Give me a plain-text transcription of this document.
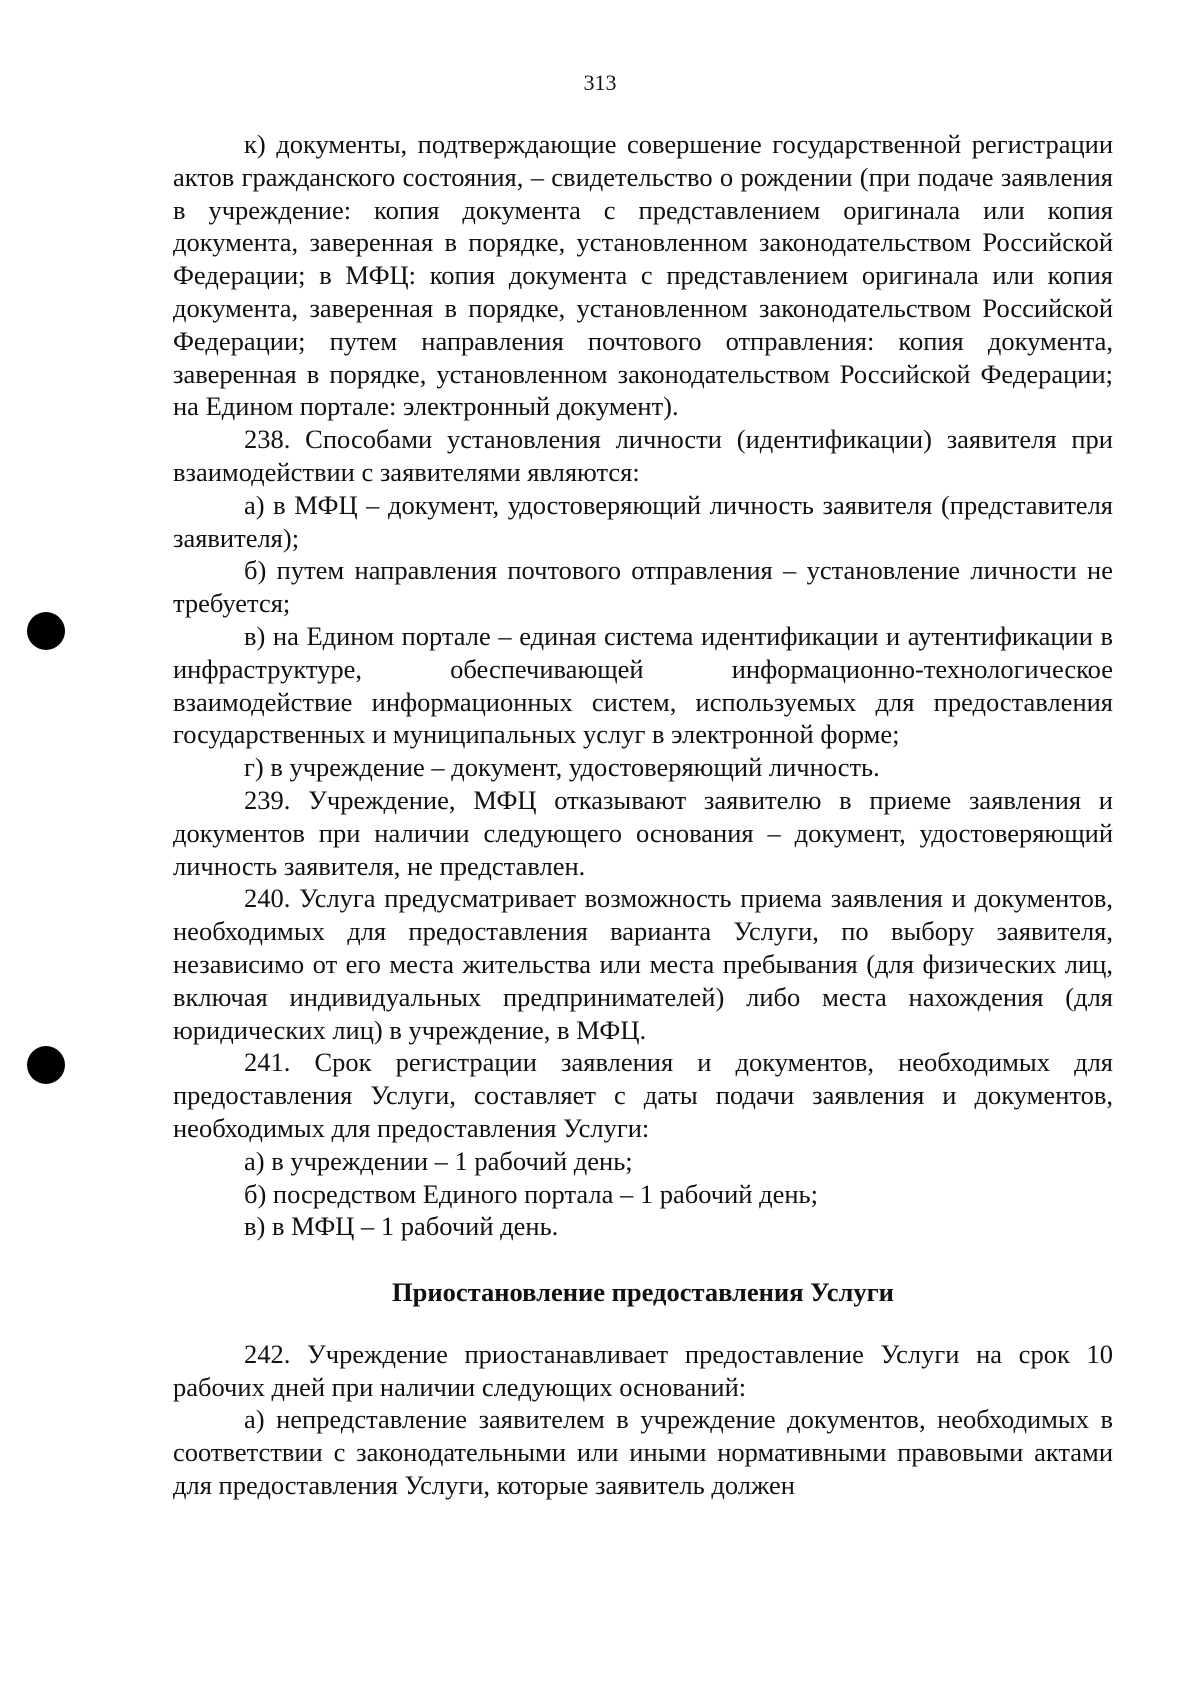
313

к) документы, подтверждающие совершение государственной регистрации актов гражданского состояния, – свидетельство о рождении (при подаче заявления в учреждение: копия документа с представлением оригинала или копия документа, заверенная в порядке, установленном законодательством Российской Федерации; в МФЦ: копия документа с представлением оригинала или копия документа, заверенная в порядке, установленном законодательством Российской Федерации; путем направления почтового отправления: копия документа, заверенная в порядке, установленном законодательством Российской Федерации; на Едином портале: электронный документ).

238. Способами установления личности (идентификации) заявителя при взаимодействии с заявителями являются:

а) в МФЦ – документ, удостоверяющий личность заявителя (представителя заявителя);

б) путем направления почтового отправления – установление личности не требуется;

в) на Едином портале – единая система идентификации и аутентификации в инфраструктуре, обеспечивающей информационно-технологическое взаимодействие информационных систем, используемых для предоставления государственных и муниципальных услуг в электронной форме;

г) в учреждение – документ, удостоверяющий личность.

239. Учреждение, МФЦ отказывают заявителю в приеме заявления и документов при наличии следующего основания – документ, удостоверяющий личность заявителя, не представлен.

240. Услуга предусматривает возможность приема заявления и документов, необходимых для предоставления варианта Услуги, по выбору заявителя, независимо от его места жительства или места пребывания (для физических лиц, включая индивидуальных предпринимателей) либо места нахождения (для юридических лиц) в учреждение, в МФЦ.

241. Срок регистрации заявления и документов, необходимых для предоставления Услуги, составляет с даты подачи заявления и документов, необходимых для предоставления Услуги:

а) в учреждении – 1 рабочий день;

б) посредством Единого портала – 1 рабочий день;

в) в МФЦ – 1 рабочий день.

Приостановление предоставления Услуги

242. Учреждение приостанавливает предоставление Услуги на срок 10 рабочих дней при наличии следующих оснований:

а) непредставление заявителем в учреждение документов, необходимых в соответствии с законодательными или иными нормативными правовыми актами для предоставления Услуги, которые заявитель должен
